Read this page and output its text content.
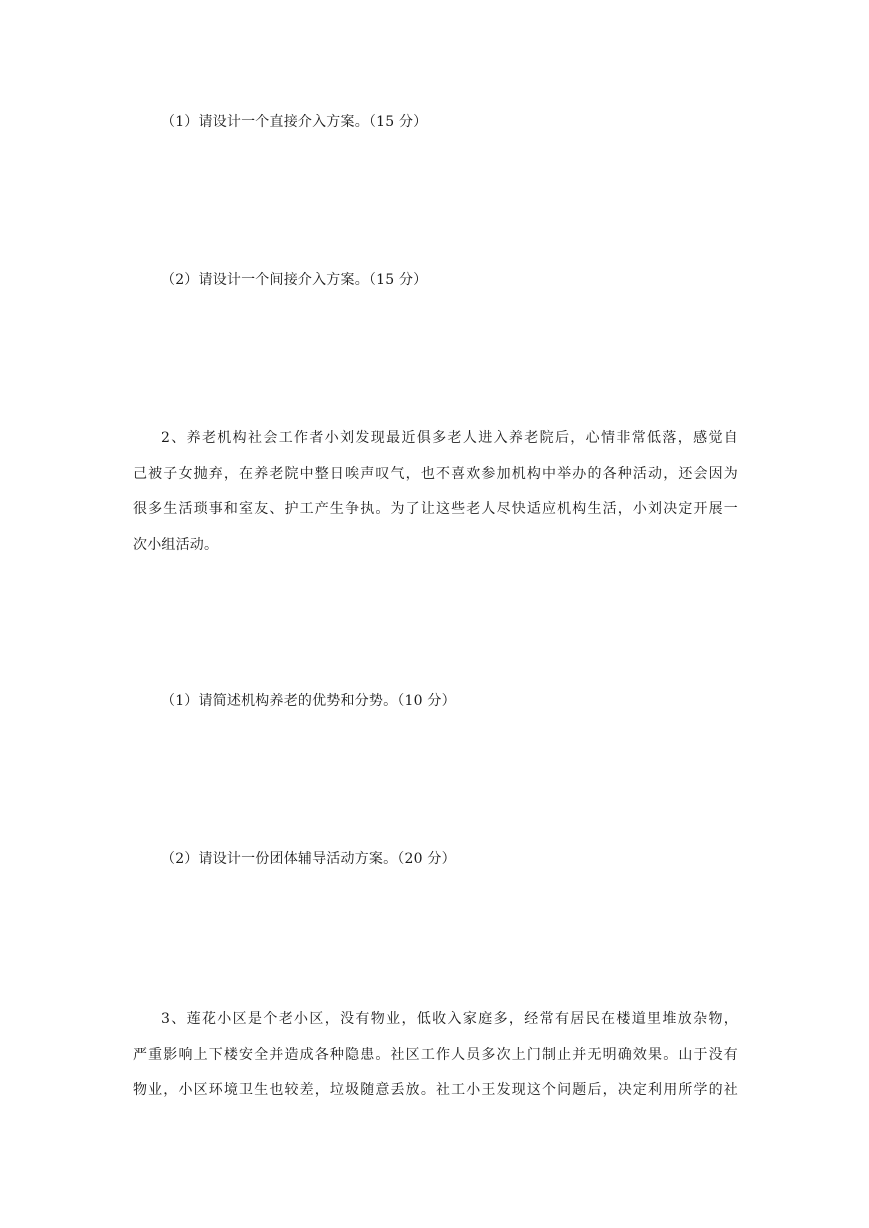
（1）请设计一个直接介入方案。（15 分）
（2）请设计一个间接介入方案。（15 分）
2、养老机构社会工作者小刘发现最近俱多老人进入养老院后，心情非常低落，感觉自
己被子女抛弃，在养老院中整日唉声叹气，也不喜欢参加机构中举办的各种活动，还会因为
很多生活琐事和室友、护工产生争执。为了让这些老人尽快适应机构生活，小刘决定开展一
次小组活动。
（1）请简述机构养老的优势和分势。（10 分）
（2）请设计一份团体辅导活动方案。（20 分）
3、莲花小区是个老小区，没有物业，低收入家庭多，经常有居民在楼道里堆放杂物，
严重影响上下楼安全并造成各种隐患。社区工作人员多次上门制止并无明确效果。山于没有
物业，小区环境卫生也较差，垃圾随意丢放。社工小王发现这个问题后，决定利用所学的社
